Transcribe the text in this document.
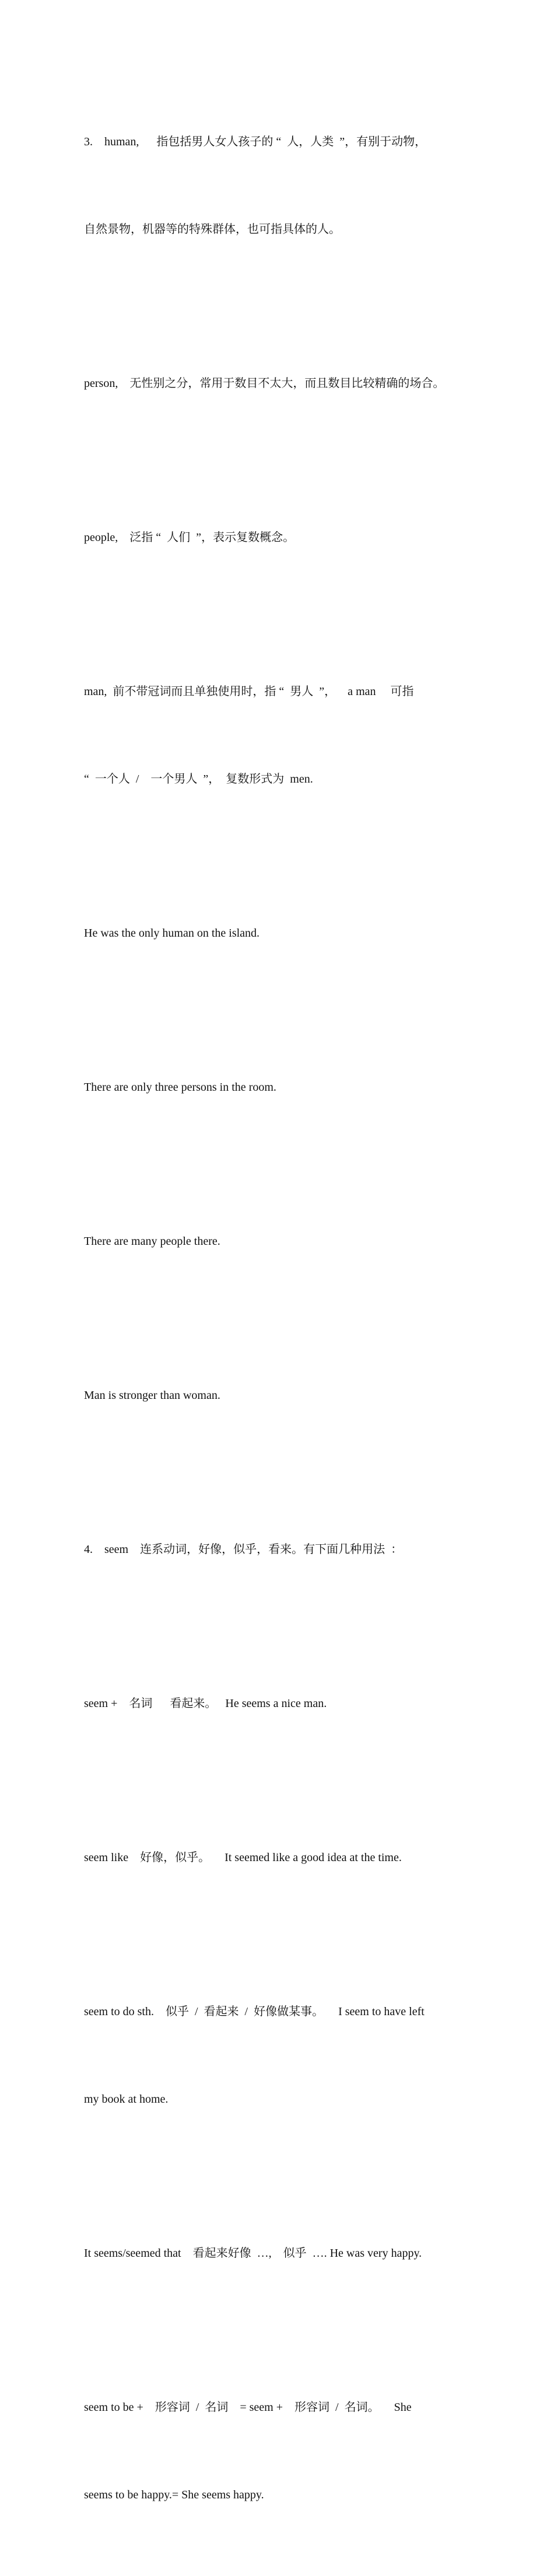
3.    human,      指包括男人女人孩子的 “  人，人类  ”，有别于动物，

自然景物，机器等的特殊群体，也可指具体的人。

person,    无性别之分，常用于数目不太大，而且数目比较精确的场合。

people,    泛指 “  人们  ”，表示复数概念。

man,  前不带冠词而且单独使用时，指 “  男人  ”，    a man     可指

“  一个人  /    一个男人  ”，  复数形式为  men.

He was the only human on the island.

There are only three persons in the room.

There are many people there.

Man is stronger than woman.

4.    seem    连系动词，好像，似乎，看来。有下面几种用法  ：

seem +    名词      看起来。   He seems a nice man.

seem like    好像，似乎。     It seemed like a good idea at the time.

seem to do sth.    似乎  /  看起来  /  好像做某事。     I seem to have left

my book at home.

It seems/seemed that    看起来好像  …,    似乎  …. He was very happy.

seem to be +    形容词  /  名词    = seem +    形容词  /  名词。     She

seems to be happy.= She seems happy.
